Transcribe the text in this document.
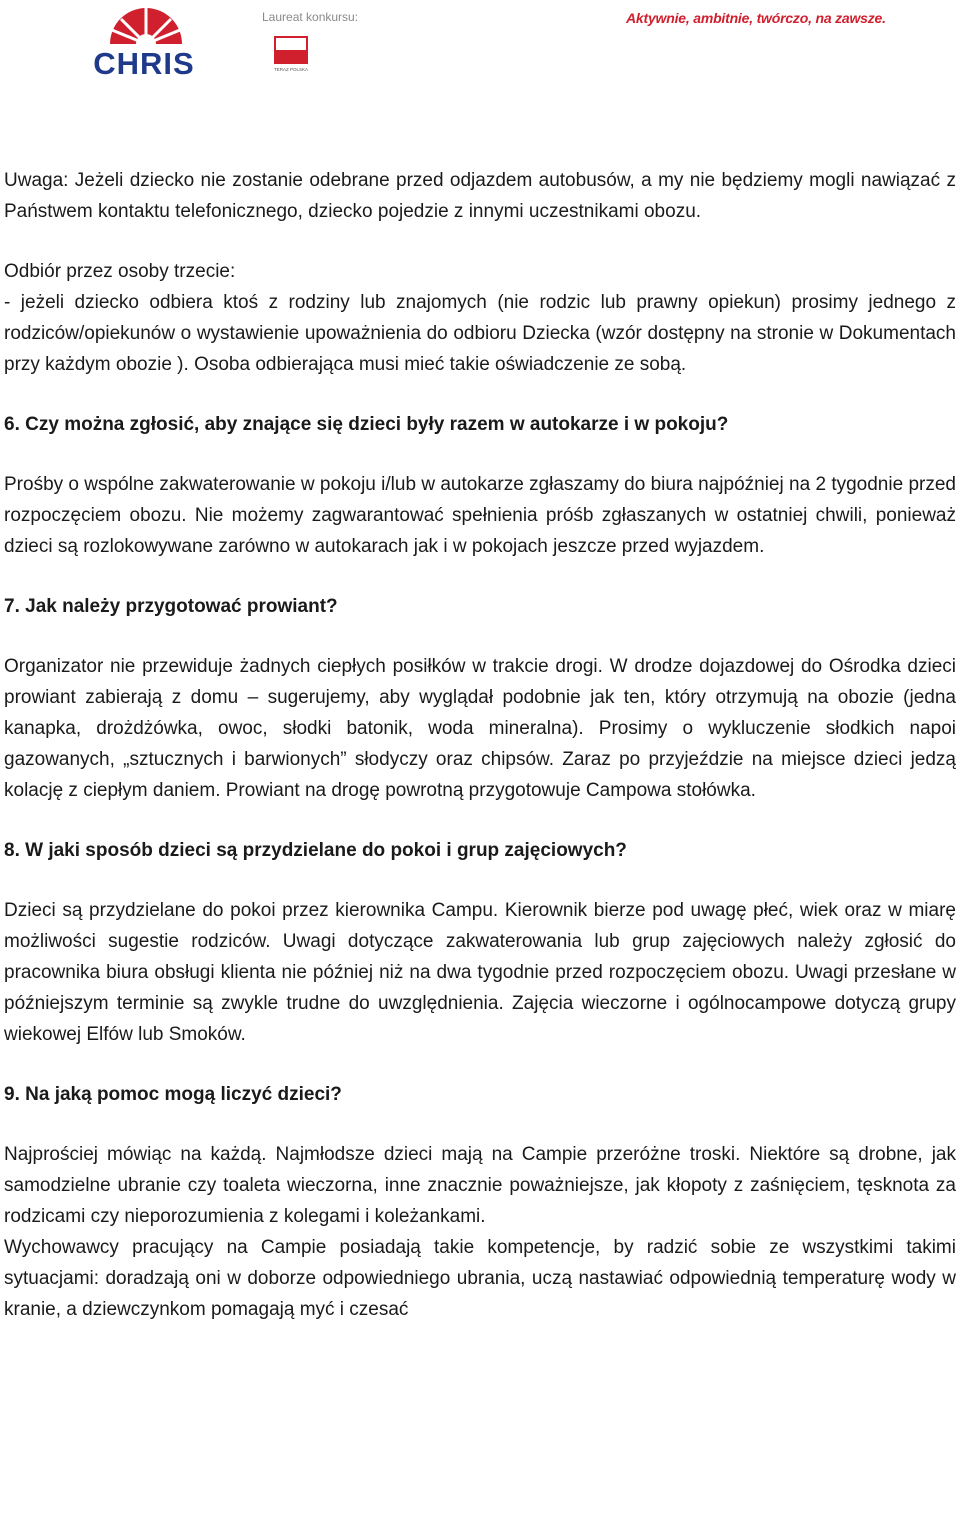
CHRIS
Laureat konkursu:
TERAZ POLSKA
Aktywnie, ambitnie, twórczo, na zawsze.

Uwaga: Jeżeli dziecko nie zostanie odebrane przed odjazdem autobusów, a my nie będziemy mogli nawiązać z Państwem kontaktu telefonicznego, dziecko pojedzie z innymi uczestnikami obozu.

Odbiór przez osoby trzecie:

- jeżeli dziecko odbiera ktoś z rodziny lub znajomych (nie rodzic lub prawny opiekun) prosimy jednego z rodziców/opiekunów o wystawienie upoważnienia do odbioru Dziecka (wzór dostępny na stronie w Dokumentach przy każdym obozie ). Osoba odbierająca musi mieć takie oświadczenie ze sobą.

6. Czy można zgłosić, aby znające się dzieci były razem w autokarze i w pokoju?

Prośby o wspólne zakwaterowanie w pokoju i/lub w autokarze zgłaszamy do biura najpóźniej na 2 tygodnie przed rozpoczęciem obozu. Nie możemy zagwarantować spełnienia próśb zgłaszanych w ostatniej chwili, ponieważ dzieci są rozlokowywane zarówno w autokarach jak i w pokojach jeszcze przed wyjazdem.

7. Jak należy przygotować prowiant?

Organizator nie przewiduje żadnych ciepłych posiłków w trakcie drogi. W drodze dojazdowej do Ośrodka dzieci prowiant zabierają z domu – sugerujemy, aby wyglądał podobnie jak ten, który otrzymują na obozie (jedna kanapka, drożdżówka, owoc, słodki batonik, woda mineralna). Prosimy o wykluczenie słodkich napoi gazowanych, „sztucznych i barwionych” słodyczy oraz chipsów. Zaraz po przyjeździe na miejsce dzieci jedzą kolację z ciepłym daniem. Prowiant na drogę powrotną przygotowuje Campowa stołówka.

8. W jaki sposób dzieci są przydzielane do pokoi i grup zajęciowych?

Dzieci są przydzielane do pokoi przez kierownika Campu. Kierownik bierze pod uwagę płeć, wiek oraz w miarę możliwości sugestie rodziców. Uwagi dotyczące zakwaterowania lub grup zajęciowych należy zgłosić do pracownika biura obsługi klienta nie później niż na dwa tygodnie przed rozpoczęciem obozu. Uwagi przesłane w późniejszym terminie są zwykle trudne do uwzględnienia. Zajęcia wieczorne i ogólnocampowe dotyczą grupy wiekowej Elfów lub Smoków.

9. Na jaką pomoc mogą liczyć dzieci?

Najprościej mówiąc na każdą. Najmłodsze dzieci mają na Campie przeróżne troski. Niektóre są drobne, jak samodzielne ubranie czy toaleta wieczorna, inne znacznie poważniejsze, jak kłopoty z zaśnięciem, tęsknota za rodzicami czy nieporozumienia z kolegami i koleżankami.

Wychowawcy pracujący na Campie posiadają takie kompetencje, by radzić sobie ze wszystkimi takimi sytuacjami: doradzają oni w doborze odpowiedniego ubrania, uczą nastawiać odpowiednią temperaturę wody w kranie, a dziewczynkom pomagają myć i czesać
